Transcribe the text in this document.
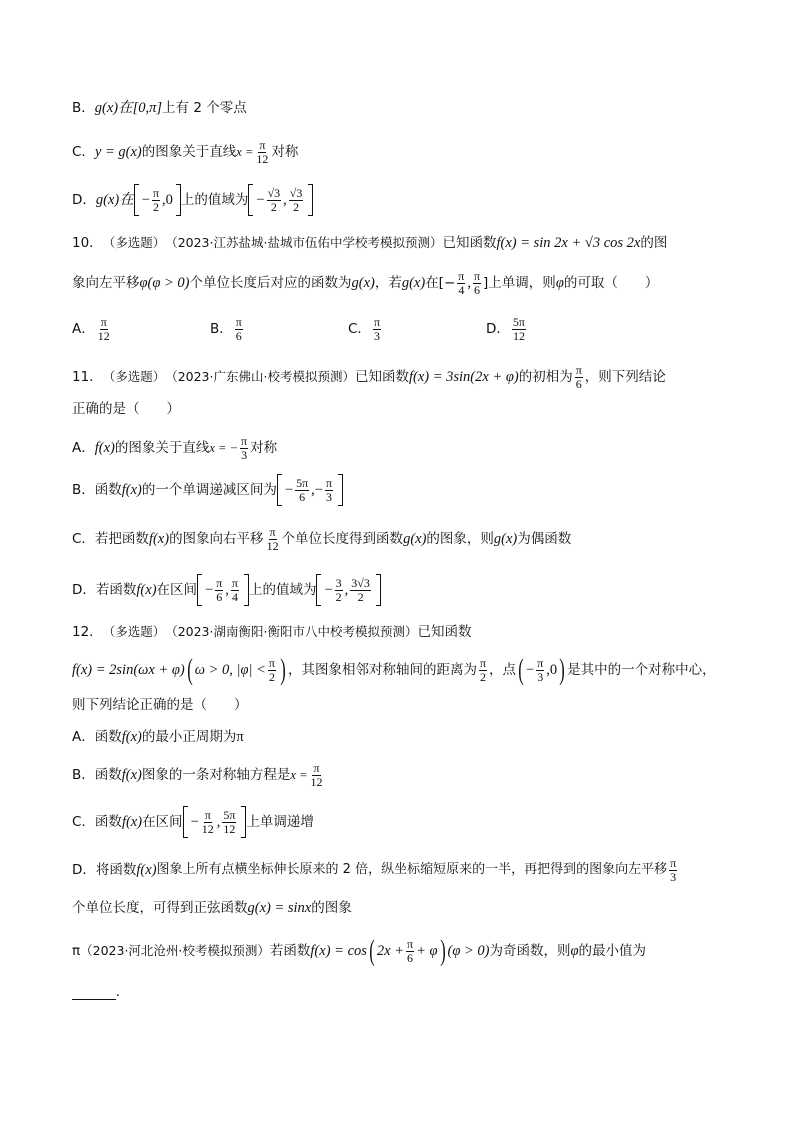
B． g(x)在[0,π] 上有 2 个零点
C． y = g(x) 的图象关于直线 $x = \frac{\pi}{12}$ 对称
D． g(x)在 − $\frac{\pi}{2} ,0$ 上的值域为 − $\frac{√3}{2}$ , $\frac{√3}{2}$
10． （多选题） （2023·江苏盐城·盐城市伍佑中学校考模拟预测） 已知函数 f(x) = sin 2x + √3 cos 2x 的图
象向左平移 φ(φ > 0) 个单位长度后对应的函数为 g(x) ，若 g(x) 在[− $\frac{\pi}{4}$ , $\frac{\pi}{6}$ ]上单调，则 φ 的可取（　　）
A． $\frac{\pi}{12}$	B． $\frac{\pi}{6}$	C． $\frac{\pi}{3}$	D． $\frac{5\pi}{12}$
11． （多选题） （2023·广东佛山·校考模拟预测） 已知函数 f(x) = 3sin(2x + φ) 的初相为 $\frac{\pi}{6}$ ，则下列结论
正确的是（　　）
A． f(x) 的图象关于直线 x = − $\frac{\pi}{3}$ 对称
B．函数 f(x) 的一个单调递减区间为 − $\frac{5\pi}{6}$ ,− $\frac{\pi}{3}$
C．若把函数 f(x) 的图象向右平移 $\frac{\pi}{12}$ 个单位长度得到函数 g(x) 的图象，则 g(x) 为偶函数
D．若函数 f(x) 在区间 − $\frac{\pi}{6}$ , $\frac{\pi}{4}$ 上的值域为 − $\frac{3}{2}$ , $\frac{3√3}{2}$
12． （多选题） （2023·湖南衡阳·衡阳市八中校考模拟预测） 已知函数
f(x) = 2sin(ωx + φ) ( ω > 0, $|\varphi| < \frac{\pi}{2}$ ) ，其图象相邻对称轴间的距离为 $\frac{\pi}{2}$ ，点 ( − $\frac{\pi}{3} ,0$ ) 是其中的一个对称中心，
则下列结论正确的是（　　）
A．函数 f(x) 的最小正周期为 π
B．函数 f(x) 图象的一条对称轴方程是 $x = \frac{\pi}{12}$
C．函数 f(x) 在区间 − $\frac{\pi}{12}$ , $\frac{5\pi}{12}$ 上单调递增
D．将函数 f(x) 图象上所有点横坐标伸长原来的 2 倍，纵坐标缩短原来的一半，再把得到的图象向左平移 $\frac{\pi}{3}$
个单位长度，可得到正弦函数 g(x) = sinx 的图象
π （2023·河北沧州·校考模拟预测） 若函数 f(x) = cos ( $2x + \frac{\pi}{6} + \varphi$ ) (φ > 0) 为奇函数，则 φ 的最小值为
.
